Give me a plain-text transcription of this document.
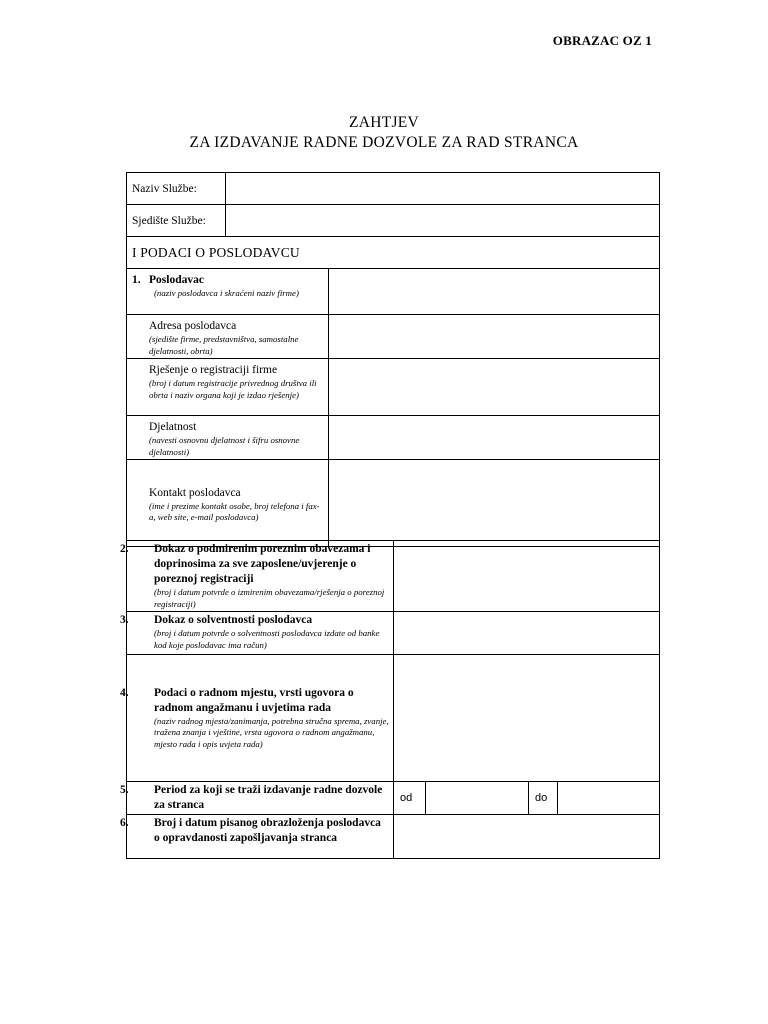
OBRAZAC OZ 1
ZAHTJEV
ZA IZDAVANJE RADNE DOZVOLE ZA RAD STRANCA
Naziv Službe:	
Sjedište Službe:	
I PODACI O POSLODAVCU	
1. Poslodavac
(naziv poslodavca i skraćeni naziv firme)	

Adresa poslodavca
(sjedište firme, predstavništva, samostalne djelatnosti, obrta)	

Rješenje o registraciji firme
(broj i datum registracije privrednog društva ili obrta i naziv organa koji je izdao rješenje)	

Djelatnost
(navesti osnovnu djelatnost i šifru osnovne djelatnosti)	

Kontakt poslodavca
(ime i prezime kontakt osobe, broj telefona i fax-a, web site, e-mail poslodavca)	

2. Dokaz o podmirenim poreznim obavezama i doprinosima za sve zaposlene/uvjerenje o poreznoj registraciji
(broj i datum potvrde o izmirenim obavezama/rješenja o poreznoj registraciji)				

3. Dokaz o solventnosti poslodavca
(broj i datum potvrde o solventnosti poslodavca izdate od banke kod koje poslodavac ima račun)				

4. Podaci o radnom mjestu, vrsti ugovora o radnom angažmanu i uvjetima rada
(naziv radnog mjesta/zanimanja, potrebna stručna sprema, zvanje, tražena znanja i vještine, vrsta ugovora o radnom angažmanu, mjesto rada i opis uvjeta rada)				

5. Period za koji se traži izdavanje radne dozvole za stranca	od		do	

6. Broj i datum pisanog obrazloženja poslodavca o opravdanosti zapošljavanja stranca				
